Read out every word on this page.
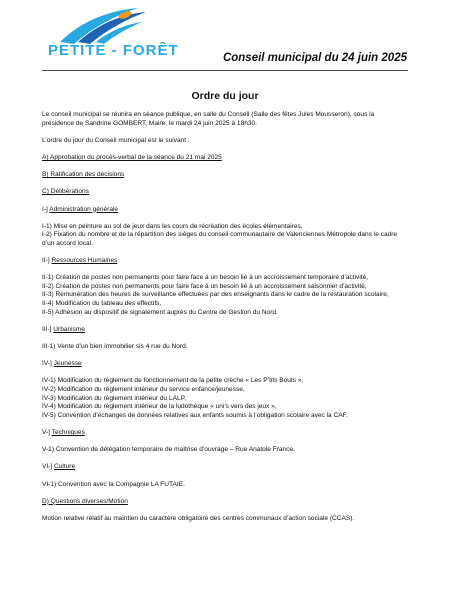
PETITE - FORÊT	Conseil municipal du 24 juin 2025
Ordre du jour

Le conseil municipal se réunira en séance publique, en salle du Conseil (Salle des fêtes Jules Mousseron), sous la présidence de Sandrine GOMBERT, Maire, le mardi 24 juin 2025 à 18h30.

L’ordre du jour du Conseil municipal est le suivant :

A) Approbation du procès-verbal de la séance du 21 mai 2025

B) Ratification des décisions

C) Délibérations

I-] Administration générale

I-1) Mise en peinture au sol de jeux dans les cours de récréation des écoles élémentaires,

I-2) Fixation du nombre et de la répartition des sièges du conseil communautaire de Valenciennes Métropole dans le cadre d’un accord local.

II-] Ressources Humaines

II-1) Création de postes non permanents pour faire face à un besoin lié à un accroissement temporaire d’activité,

II-2) Création de postes non permanents pour faire face à un besoin lié à un accroissement saisonnier d’activité,

II-3) Rémunération des heures de surveillance effectuées par des enseignants dans le cadre de la restauration scolaire,

II-4) Modification du tableau des effectifs,

II-5) Adhésion au dispositif de signalement auprès du Centre de Gestion du Nord.

III-] Urbanisme

III-1) Vente d’un bien immobilier sis 4 rue du Nord.

IV-] Jeunesse

IV-1) Modification du règlement de fonctionnement de la petite crèche « Les P’tits Bouts »,

IV-2) Modification du règlement intérieur du service enfance/jeunesse,

IV-3) Modification du règlement intérieur du LALP,

IV-4) Modification du règlement intérieur de la ludothèque « uni’s vers des jeux »,

IV-5) Convention d’échanges de données relatives aux enfants soumis à l’obligation scolaire avec la CAF.

V-] Techniques

V-1) Convention de délégation temporaire de maîtrise d’ouvrage – Rue Anatole France.

VI-] Culture

VI-1) Convention avec la Compagnie LA FUTAIE.

D) Questions diverses/Motion

Motion relative relatif au maintien du caractère obligatoire des centres communaux d’action sociale (CCAS).
